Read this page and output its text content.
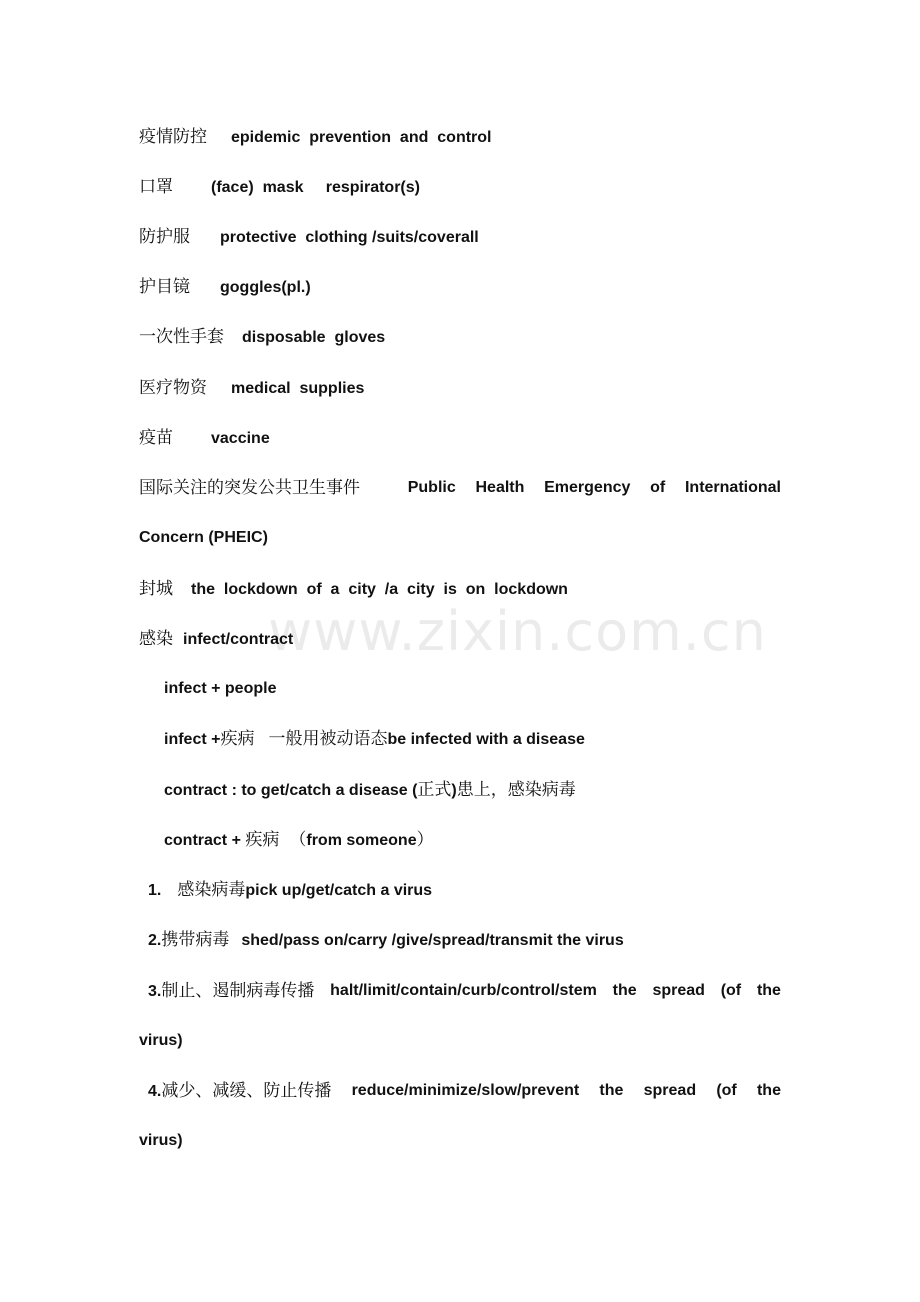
疫情防控 epidemic  prevention  and  control
口罩 (face)  mask     respirator(s)
防护服 protective  clothing /suits/coverall
护目镜 goggles(pl.)
一次性手套 disposable  gloves
医疗物资 medical  supplies
疫苗 vaccine
国际关注的突发公共卫生事件	Public Health Emergency of International
Concern (PHEIC)
封城 the  lockdown  of  a  city  /a  city  is  on  lockdown
感染 infect/contract
infect + people
infect +疾病 一般用被动语态be infected with a disease
contract : to get/catch a disease (正式)患上，感染病毒
contract + 疾病 （from someone）
1. 感染病毒pick up/get/catch a virus
2.携带病毒 shed/pass on/carry /give/spread/transmit the virus
3.制止、遏制病毒传播 halt/limit/contain/curb/control/stem the spread (of the
virus)
4.减少、减缓、防止传播 reduce/minimize/slow/prevent the spread (of the
virus)
www.zixin.com.cn
